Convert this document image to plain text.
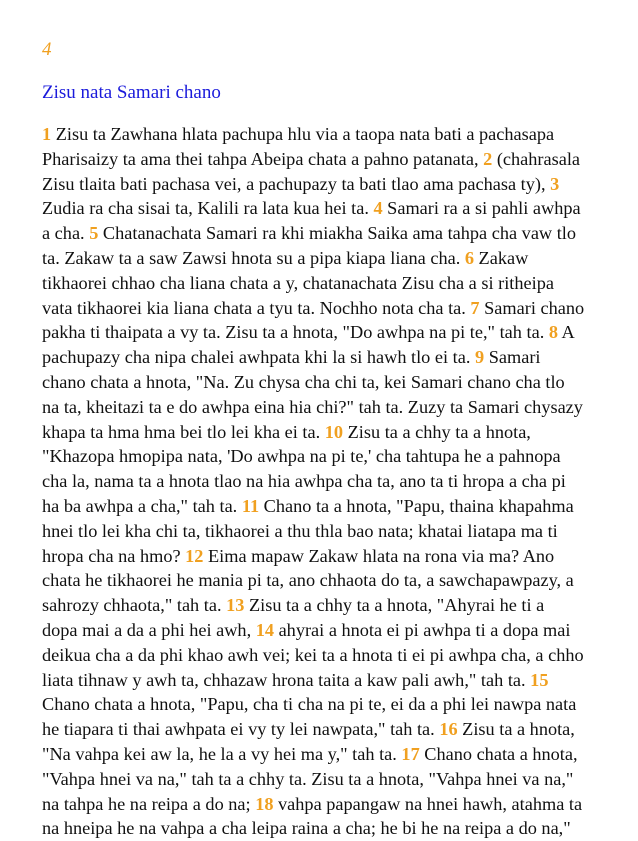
4
Zisu nata Samari chano
1 Zisu ta Zawhana hlata pachupa hlu via a taopa nata bati a pachasapa
Pharisaizy ta ama thei tahpa Abeipa chata a pahno patanata, 2 (chahrasala
Zisu tlaita bati pachasa vei, a pachupazy ta bati tlao ama pachasa ty), 3
Zudia ra cha sisai ta, Kalili ra lata kua hei ta. 4 Samari ra a si pahli awhpa
a cha. 5 Chatanachata Samari ra khi miakha Saika ama tahpa cha vaw tlo
ta. Zakaw ta a saw Zawsi hnota su a pipa kiapa liana cha. 6 Zakaw
tikhaorei chhao cha liana chata a y, chatanachata Zisu cha a si ritheipa
vata tikhaorei kia liana chata a tyu ta. Nochho nota cha ta. 7 Samari chano
pakha ti thaipata a vy ta. Zisu ta a hnota, "Do awhpa na pi te," tah ta. 8 A
pachupazy cha nipa chalei awhpata khi la si hawh tlo ei ta. 9 Samari
chano chata a hnota, "Na. Zu chysa cha chi ta, kei Samari chano cha tlo
na ta, kheitazi ta e do awhpa eina hia chi?" tah ta. Zuzy ta Samari chysazy
khapa ta hma hma bei tlo lei kha ei ta. 10 Zisu ta a chhy ta a hnota,
"Khazopa hmopipa nata, 'Do awhpa na pi te,' cha tahtupa he a pahnopa
cha la, nama ta a hnota tlao na hia awhpa cha ta, ano ta ti hropa a cha pi
ha ba awhpa a cha," tah ta. 11 Chano ta a hnota, "Papu, thaina khapahma
hnei tlo lei kha chi ta, tikhaorei a thu thla bao nata; khatai liatapa ma ti
hropa cha na hmo? 12 Eima mapaw Zakaw hlata na rona via ma? Ano
chata he tikhaorei he mania pi ta, ano chhaota do ta, a sawchapawpazy, a
sahrozy chhaota," tah ta. 13 Zisu ta a chhy ta a hnota, "Ahyrai he ti a
dopa mai a da a phi hei awh, 14 ahyrai a hnota ei pi awhpa ti a dopa mai
deikua cha a da phi khao awh vei; kei ta a hnota ti ei pi awhpa cha, a chho
liata tihnaw y awh ta, chhazaw hrona taita a kaw pali awh," tah ta. 15
Chano chata a hnota, "Papu, cha ti cha na pi te, ei da a phi lei nawpa nata
he tiapara ti thai awhpata ei vy ty lei nawpata," tah ta. 16 Zisu ta a hnota,
"Na vahpa kei aw la, he la a vy hei ma y," tah ta. 17 Chano chata a hnota,
"Vahpa hnei va na," tah ta a chhy ta. Zisu ta a hnota, "Vahpa hnei va na,"
na tahpa he na reipa a do na; 18 vahpa papangaw na hnei hawh, atahma ta
na hneipa he na vahpa a cha leipa raina a cha; he bi he na reipa a do na,"
